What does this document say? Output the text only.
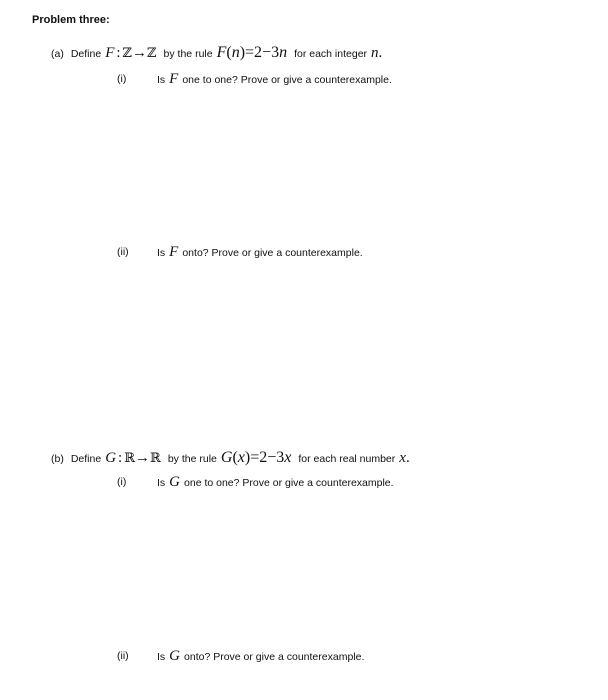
Problem three:
(a) Define F : ℤ→ℤ by the rule F(n)=2−3n for each integer n.
(i)	Is F one to one? Prove or give a counterexample.
(ii)	Is F onto? Prove or give a counterexample.
(b) Define G : ℝ→ℝ by the rule G(x)=2−3x for each real number x.
(i)	Is G one to one? Prove or give a counterexample.
(ii)	Is G onto? Prove or give a counterexample.
